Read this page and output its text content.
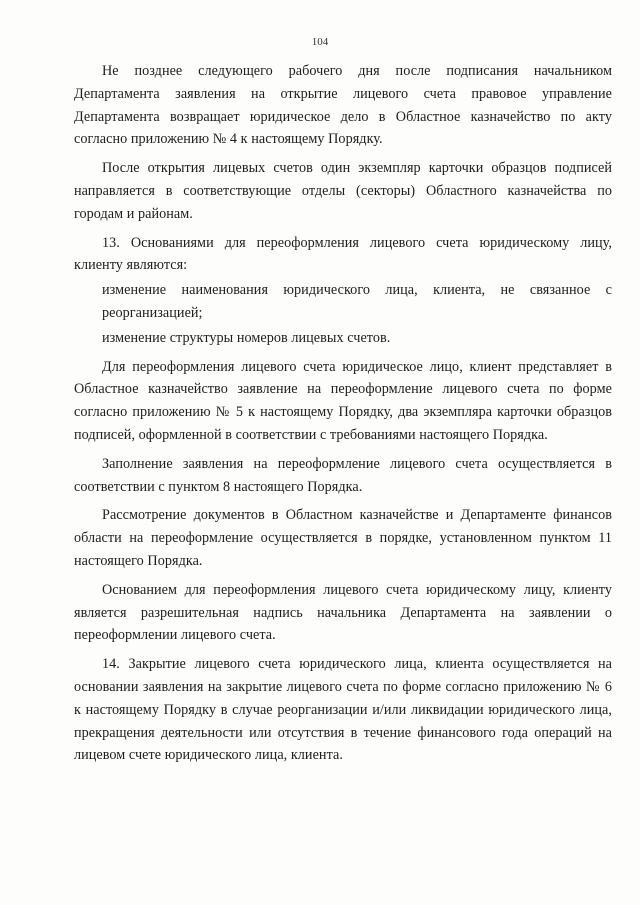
104

Не позднее следующего рабочего дня после подписания начальником Департамента заявления на открытие лицевого счета правовое управление Департамента возвращает юридическое дело в Областное казначейство по акту согласно приложению № 4 к настоящему Порядку.

После открытия лицевых счетов один экземпляр карточки образцов подписей направляется в соответствующие отделы (секторы) Областного казначейства по городам и районам.

13. Основаниями для переоформления лицевого счета юридическому лицу, клиенту являются:

изменение наименования юридического лица, клиента, не связанное с реорганизацией;

изменение структуры номеров лицевых счетов.

Для переоформления лицевого счета юридическое лицо, клиент представляет в Областное казначейство заявление на переоформление лицевого счета по форме согласно приложению № 5 к настоящему Порядку, два экземпляра карточки образцов подписей, оформленной в соответствии с требованиями настоящего Порядка.

Заполнение заявления на переоформление лицевого счета осуществляется в соответствии с пунктом 8 настоящего Порядка.

Рассмотрение документов в Областном казначействе и Департаменте финансов области на переоформление осуществляется в порядке, установленном пунктом 11 настоящего Порядка.

Основанием для переоформления лицевого счета юридическому лицу, клиенту является разрешительная надпись начальника Департамента на заявлении о переоформлении лицевого счета.

14. Закрытие лицевого счета юридического лица, клиента осуществляется на основании заявления на закрытие лицевого счета по форме согласно приложению № 6 к настоящему Порядку в случае реорганизации и/или ликвидации юридического лица, прекращения деятельности или отсутствия в течение финансового года операций на лицевом счете юридического лица, клиента.
